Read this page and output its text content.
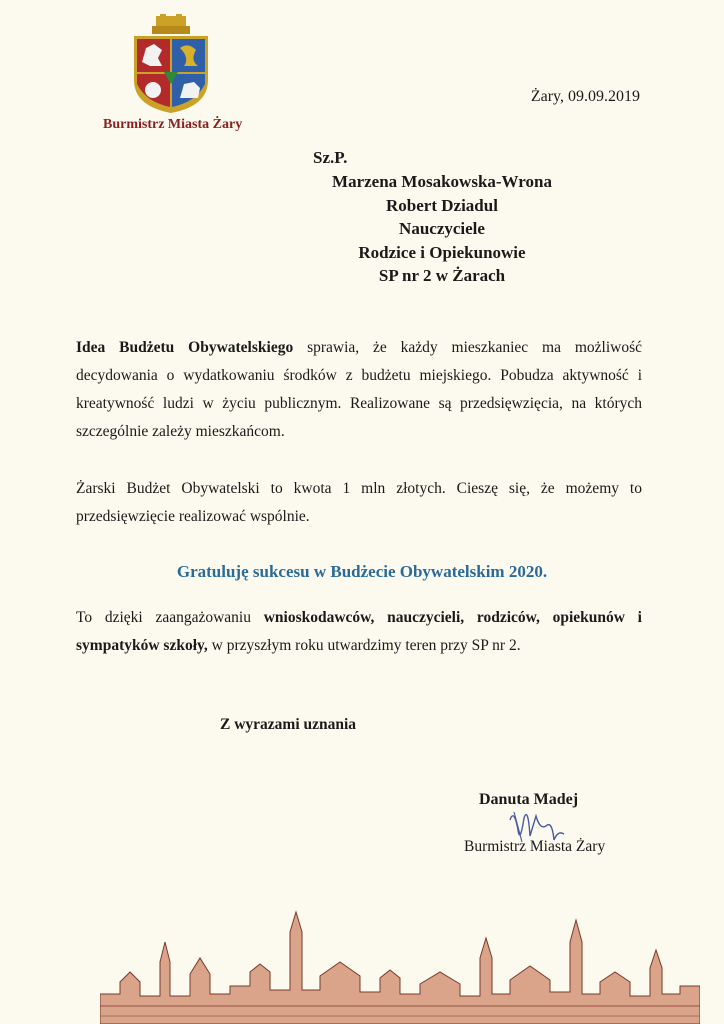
Burmistrz Miasta Żary
Żary, 09.09.2019
Sz.P.
Marzena Mosakowska-Wrona
Robert Dziadul
Nauczyciele
Rodzice i Opiekunowie
SP nr 2 w Żarach
Idea Budżetu Obywatelskiego sprawia, że każdy mieszkaniec ma możliwość decydowania o wydatkowaniu środków z budżetu miejskiego. Pobudza aktywność i kreatywność ludzi w życiu publicznym. Realizowane są przedsięwzięcia, na których szczególnie zależy mieszkańcom.
Żarski Budżet Obywatelski to kwota 1 mln złotych. Cieszę się, że możemy to przedsięwzięcie realizować wspólnie.
Gratuluję sukcesu w Budżecie Obywatelskim 2020.
To dzięki zaangażowaniu wnioskodawców, nauczycieli, rodziców, opiekunów i sympatyków szkoły, w przyszłym roku utwardzimy teren przy SP nr 2.
Z wyrazami uznania
Danuta Madej
Burmistrz Miasta Żary
